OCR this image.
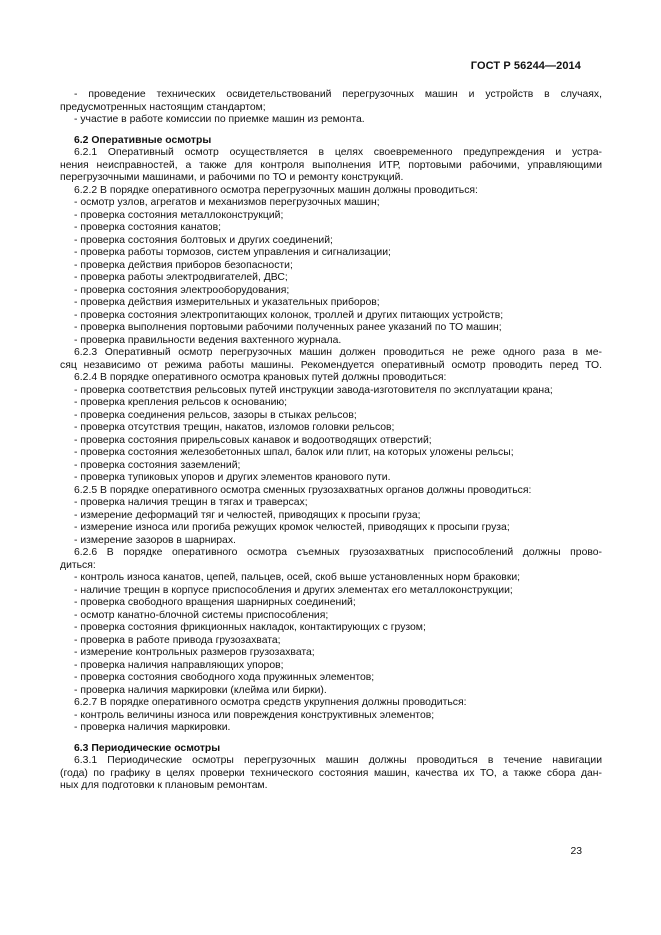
ГОСТ Р 56244—2014
- проведение технических освидетельствований перегрузочных машин и устройств в случаях,
предусмотренных настоящим стандартом;
- участие в работе комиссии по приемке машин из ремонта.
6.2 Оперативные осмотры
6.2.1 Оперативный осмотр осуществляется в целях своевременного предупреждения и устра-
нения неисправностей, а также для контроля выполнения ИТР, портовыми рабочими, управляющими
перегрузочными машинами, и рабочими по ТО и ремонту конструкций.
6.2.2 В порядке оперативного осмотра перегрузочных машин должны проводиться:
- осмотр узлов, агрегатов и механизмов перегрузочных машин;
- проверка состояния металлоконструкций;
- проверка состояния канатов;
- проверка состояния болтовых и других соединений;
- проверка работы тормозов, систем управления и сигнализации;
- проверка действия приборов безопасности;
- проверка работы электродвигателей, ДВС;
- проверка состояния электрооборудования;
- проверка действия измерительных и указательных приборов;
- проверка состояния электропитающих колонок, троллей и других питающих устройств;
- проверка выполнения портовыми рабочими полученных ранее указаний по ТО машин;
- проверка правильности ведения вахтенного журнала.
6.2.3 Оперативный осмотр перегрузочных машин должен проводиться не реже одного раза в ме-
сяц независимо от режима работы машины. Рекомендуется оперативный осмотр проводить перед ТО.
6.2.4 В порядке оперативного осмотра крановых путей должны проводиться:
- проверка соответствия рельсовых путей инструкции завода-изготовителя по эксплуатации крана;
- проверка крепления рельсов к основанию;
- проверка соединения рельсов, зазоры в стыках рельсов;
- проверка отсутствия трещин, накатов, изломов головки рельсов;
- проверка состояния прирельсовых канавок и водоотводящих отверстий;
- проверка состояния железобетонных шпал, балок или плит, на которых уложены рельсы;
- проверка состояния заземлений;
- проверка тупиковых упоров и других элементов кранового пути.
6.2.5 В порядке оперативного осмотра сменных грузозахватных органов должны проводиться:
- проверка наличия трещин в тягах и траверсах;
- измерение деформаций тяг и челюстей, приводящих к просыпи груза;
- измерение износа или прогиба режущих кромок челюстей, приводящих к просыпи груза;
- измерение зазоров в шарнирах.
6.2.6 В порядке оперативного осмотра съемных грузозахватных приспособлений должны прово-
диться:
- контроль износа канатов, цепей, пальцев, осей, скоб выше установленных норм браковки;
- наличие трещин в корпусе приспособления и других элементах его металлоконструкции;
- проверка свободного вращения шарнирных соединений;
- осмотр канатно-блочной системы приспособления;
- проверка состояния фрикционных накладок, контактирующих с грузом;
- проверка в работе привода грузозахвата;
- измерение контрольных размеров грузозахвата;
- проверка наличия направляющих упоров;
- проверка состояния свободного хода пружинных элементов;
- проверка наличия маркировки (клейма или бирки).
6.2.7 В порядке оперативного осмотра средств укрупнения должны проводиться:
- контроль величины износа или повреждения конструктивных элементов;
- проверка наличия маркировки.
6.3 Периодические осмотры
6.3.1 Периодические осмотры перегрузочных машин должны проводиться в течение навигации
(года) по графику в целях проверки технического состояния машин, качества их ТО, а также сбора дан-
ных для подготовки к плановым ремонтам.
23
